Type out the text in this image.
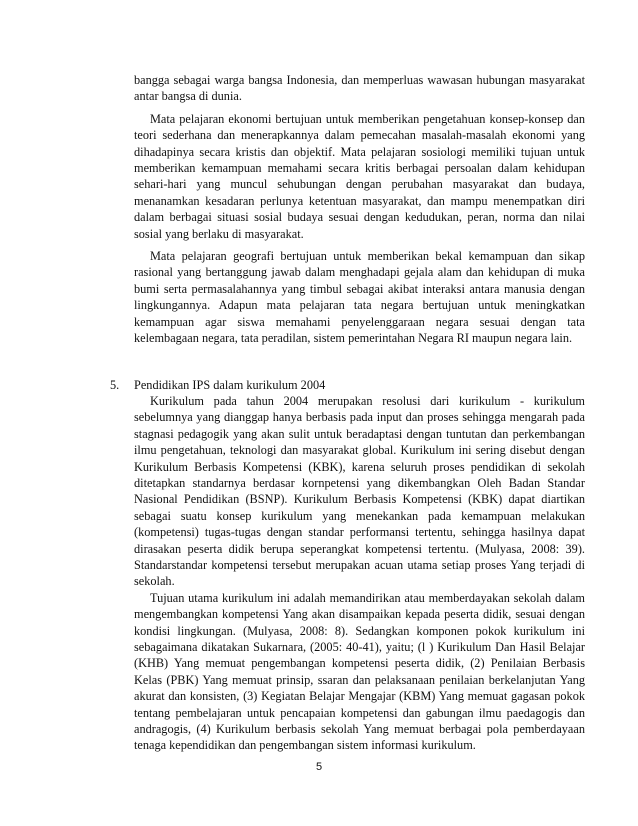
bangga sebagai warga bangsa Indonesia, dan memperluas wawasan hubungan masyarakat antar bangsa di dunia.

Mata pelajaran ekonomi bertujuan untuk memberikan pengetahuan konsep-konsep dan teori sederhana dan menerapkannya dalam pemecahan masalah-masalah ekonomi yang dihadapinya secara kristis dan objektif. Mata pelajaran sosiologi memiliki tujuan untuk memberikan kemampuan memahami secara kritis berbagai persoalan dalam kehidupan sehari-hari yang muncul sehubungan dengan perubahan masyarakat dan budaya, menanamkan kesadaran perlunya ketentuan masyarakat, dan mampu menempatkan diri dalam berbagai situasi sosial budaya sesuai dengan kedudukan, peran, norma dan nilai sosial yang berlaku di masyarakat.

Mata pelajaran geografi bertujuan untuk memberikan bekal kemampuan dan sikap rasional yang bertanggung jawab dalam menghadapi gejala alam dan kehidupan di muka bumi serta permasalahannya yang timbul sebagai akibat interaksi antara manusia dengan lingkungannya. Adapun mata pelajaran tata negara bertujuan untuk meningkatkan kemampuan agar siswa memahami penyelenggaraan negara sesuai dengan tata kelembagaan negara, tata peradilan, sistem pemerintahan Negara RI maupun negara lain.

5. Pendidikan IPS dalam kurikulum 2004

Kurikulum pada tahun 2004 merupakan resolusi dari kurikulum - kurikulum sebelumnya yang dianggap hanya berbasis pada input dan proses sehingga mengarah pada stagnasi pedagogik yang akan sulit untuk beradaptasi dengan tuntutan dan perkembangan ilmu pengetahuan, teknologi dan masyarakat global. Kurikulum ini sering disebut dengan Kurikulum Berbasis Kompetensi (KBK), karena seluruh proses pendidikan di sekolah ditetapkan standarnya berdasar kornpetensi yang dikembangkan Oleh Badan Standar Nasional Pendidikan (BSNP). Kurikulum Berbasis Kompetensi (KBK) dapat diartikan sebagai suatu konsep kurikulum yang menekankan pada kemampuan melakukan (kompetensi) tugas-tugas dengan standar performansi tertentu, sehingga hasilnya dapat dirasakan peserta didik berupa seperangkat kompetensi tertentu. (Mulyasa, 2008: 39). Standarstandar kompetensi tersebut merupakan acuan utama setiap proses Yang terjadi di sekolah.

Tujuan utama kurikulum ini adalah memandirikan atau memberdayakan sekolah dalam mengembangkan kompetensi Yang akan disampaikan kepada peserta didik, sesuai dengan kondisi lingkungan. (Mulyasa, 2008: 8). Sedangkan komponen pokok kurikulum ini sebagaimana dikatakan Sukarnara, (2005: 40-41), yaitu; (l ) Kurikulum Dan Hasil Belajar (KHB) Yang memuat pengembangan kompetensi peserta didik, (2) Penilaian Berbasis Kelas (PBK) Yang memuat prinsip, ssaran dan pelaksanaan penilaian berkelanjutan Yang akurat dan konsisten, (3) Kegiatan Belajar Mengajar (KBM) Yang memuat gagasan pokok tentang pembelajaran untuk pencapaian kompetensi dan gabungan ilmu paedagogis dan andragogis, (4) Kurikulum berbasis sekolah Yang memuat berbagai pola pemberdayaan tenaga kependidikan dan pengembangan sistem informasi kurikulum.

5
